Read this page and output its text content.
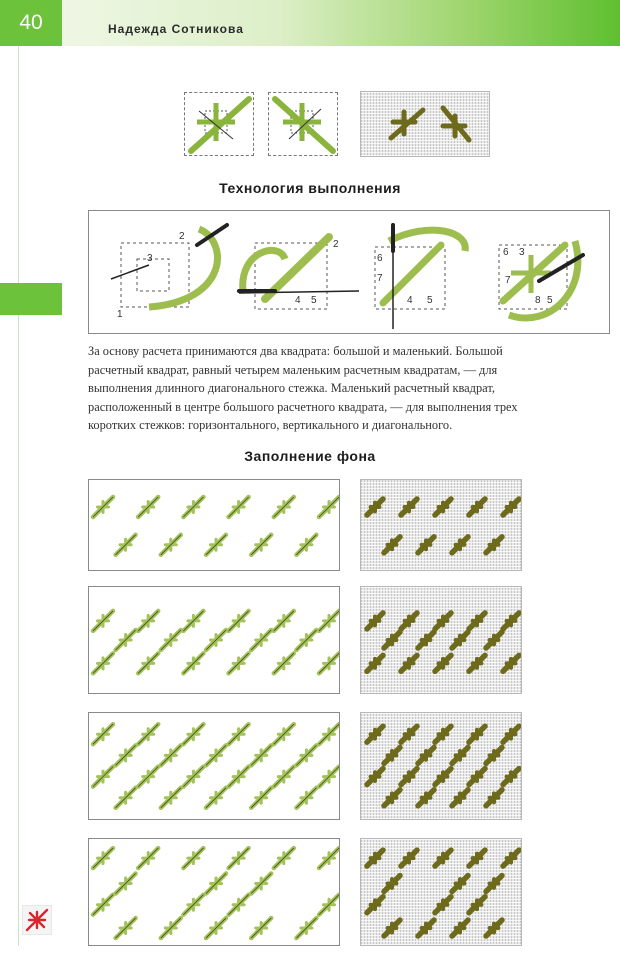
40	Надежда Сотникова
Технология выполнения
1
2
3
2
4 5
6
7
4 5
6 3
7
8 5
За основу расчета принимаются два квадрата: большой и маленький. Большой
расчетный квадрат, равный четырем маленьким расчетным квадратам, — для
выполнения длинного диагонального стежка. Маленький расчетный квадрат,
расположенный в центре большого расчетного квадрата, — для выполнения трех
коротких стежков: горизонтального, вертикального и диагонального.
Заполнение фона
